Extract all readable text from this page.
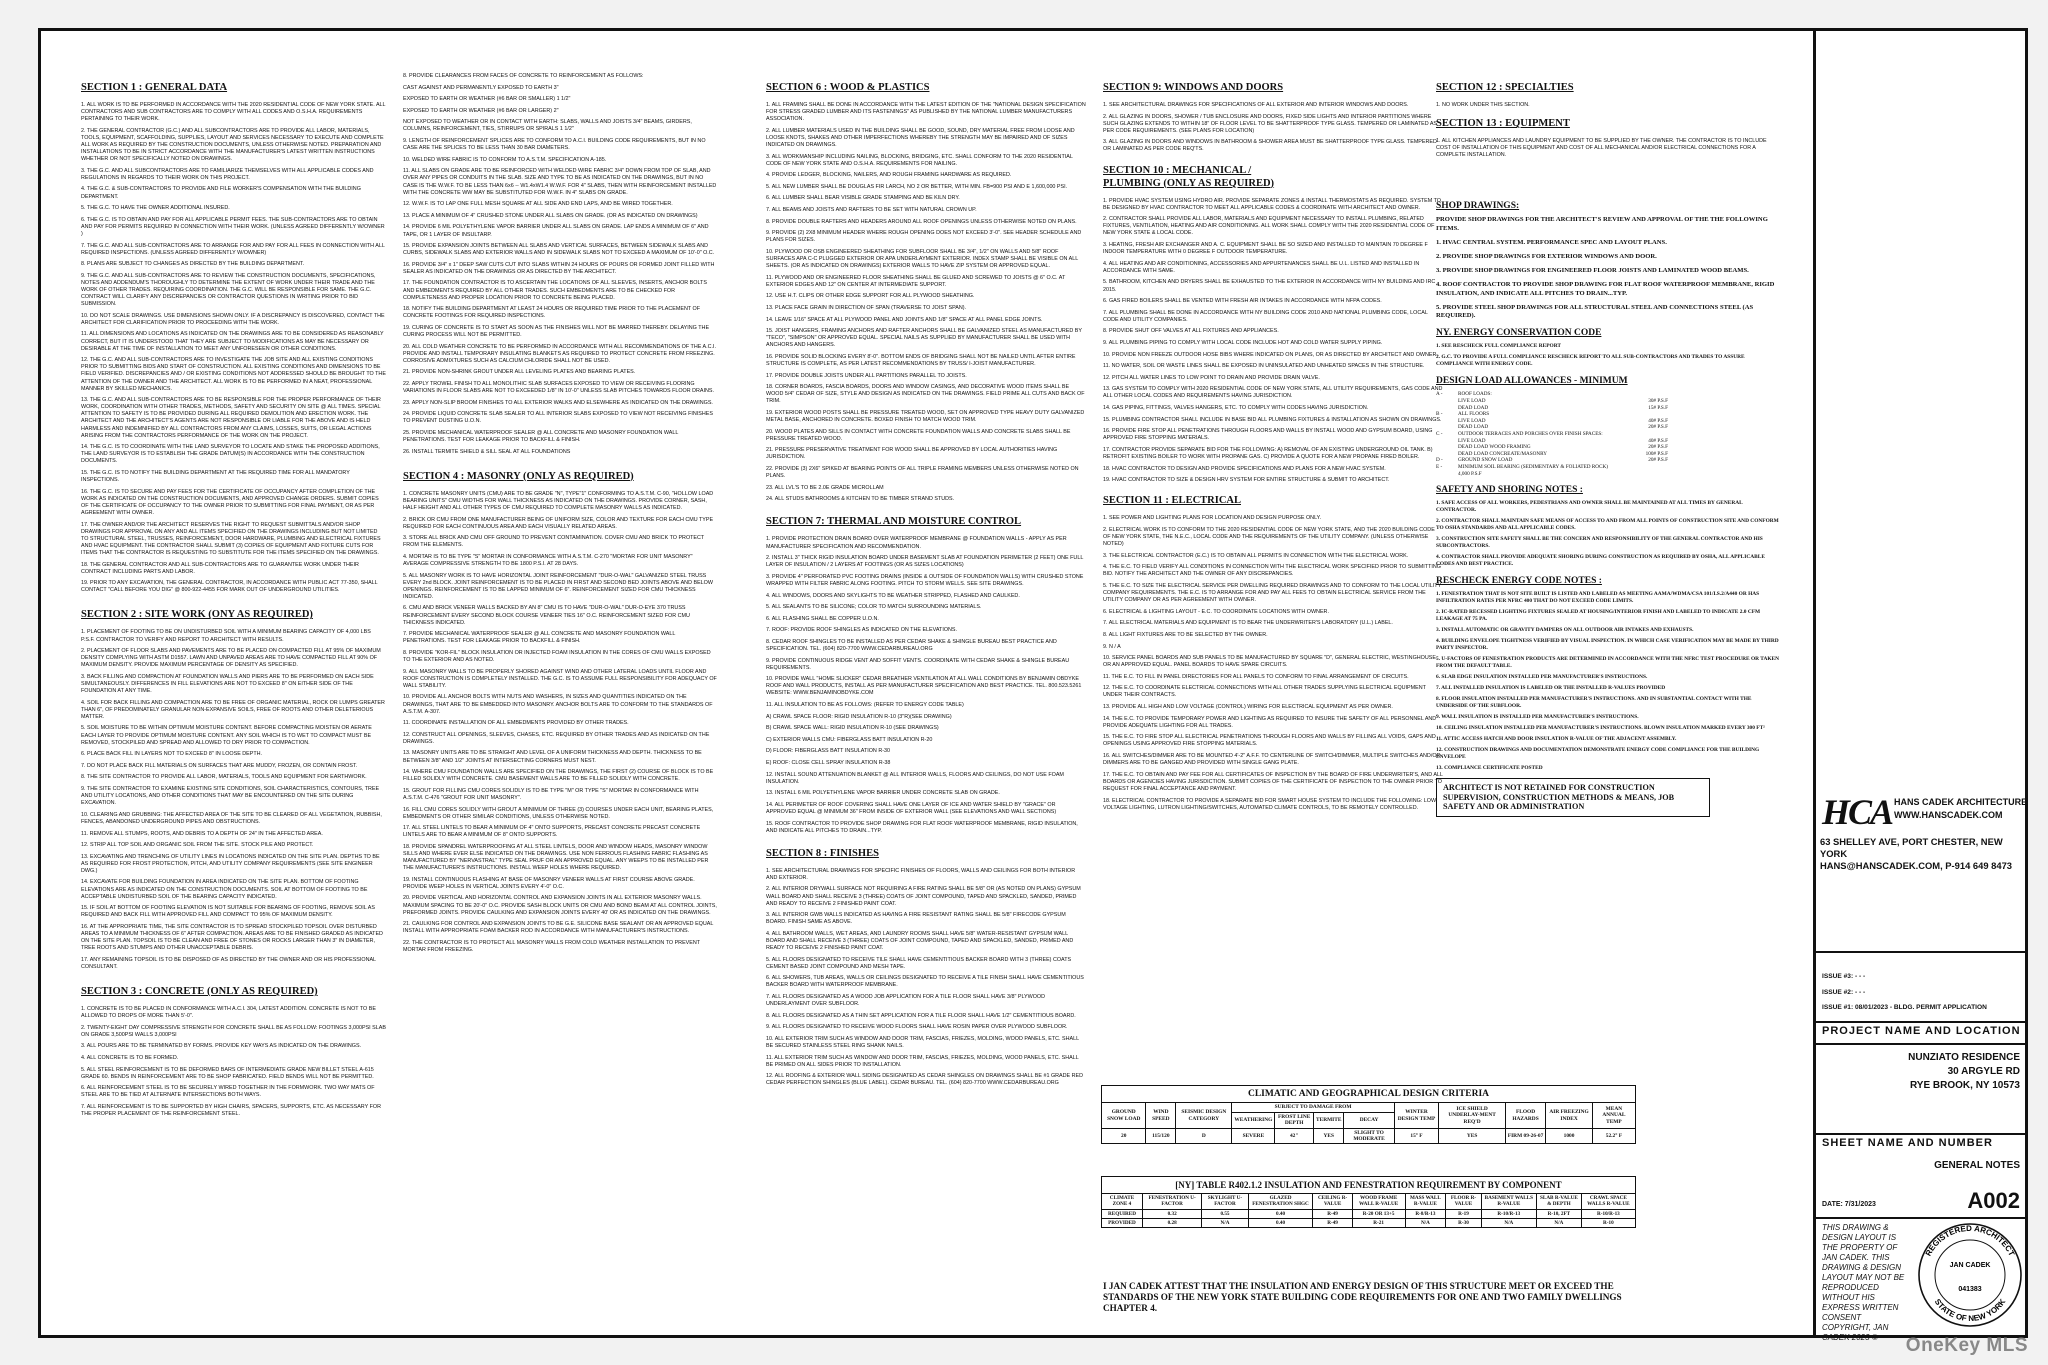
SECTION 1 : GENERAL DATA
1. ALL WORK IS TO BE PERFORMED IN ACCORDANCE WITH THE 2020 RESIDENTIAL CODE OF NEW YORK STATE. ALL CONTRACTORS AND SUB CONTRACTORS ARE TO COMPLY WITH ALL CODES AND O.S.H.A. REQUIREMENTS PERTAINING TO THEIR WORK.
2. THE GENERAL CONTRACTOR (G.C.) AND ALL SUBCONTRACTORS ARE TO PROVIDE ALL LABOR, MATERIALS, TOOLS, EQUIPMENT, SCAFFOLDING, SUPPLIES, LAYOUT AND SERVICES NECESSARY TO EXECUTE AND COMPLETE ALL WORK AS REQUIRED BY THE CONSTRUCTION DOCUMENTS, UNLESS OTHERWISE NOTED. PREPARATION AND INSTALLATIONS TO BE IN STRICT ACCORDANCE WITH THE MANUFACTURER'S LATEST WRITTEN INSTRUCTIONS WHETHER OR NOT SPECIFICALLY NOTED ON DRAWINGS.
3. THE G.C. AND ALL SUBCONTRACTORS ARE TO FAMILIARIZE THEMSELVES WITH ALL APPLICABLE CODES AND REGULATIONS IN REGARDS TO THEIR WORK ON THIS PROJECT.
4. THE G.C. & SUB-CONTRACTORS TO PROVIDE AND FILE WORKER'S COMPENSATION WITH THE BUILDING DEPARTMENT.
5. THE G.C. TO HAVE THE OWNER ADDITIONAL INSURED.
6. THE G.C. IS TO OBTAIN AND PAY FOR ALL APPLICABLE PERMIT FEES. THE SUB-CONTRACTORS ARE TO OBTAIN AND PAY FOR PERMITS REQUIRED IN CONNECTION WITH THEIR WORK. (UNLESS AGREED DIFFERENTLY W/OWNER )
7. THE G.C. AND ALL SUB-CONTRACTORS ARE TO ARRANGE FOR AND PAY FOR ALL FEES IN CONNECTION WITH ALL REQUIRED INSPECTIONS. (UNLESS AGREED DIFFERENTLY W/OWNER)
8. PLANS ARE SUBJECT TO CHANGES AS DIRECTED BY THE BUILDING DEPARTMENT.
9. THE G.C. AND ALL SUB-CONTRACTORS ARE TO REVIEW THE CONSTRUCTION DOCUMENTS, SPECIFICATIONS, NOTES AND ADDENDUM'S THOROUGHLY TO DETERMINE THE EXTENT OF WORK UNDER THEIR TRADE AND THE WORK OF OTHER TRADES. REQUIRING COORDINATION. THE G.C. WILL BE RESPONSIBLE FOR SAME. THE G.C. CONTRACT WILL CLARIFY ANY DISCREPANCIES OR CONTRACTOR QUESTIONS IN WRITING PRIOR TO BID SUBMISSION.
10. DO NOT SCALE DRAWINGS. USE DIMENSIONS SHOWN ONLY. IF A DISCREPANCY IS DISCOVERED, CONTACT THE ARCHITECT FOR CLARIFICATION PRIOR TO PROCEEDING WITH THE WORK.
11. ALL DIMENSIONS AND LOCATIONS AS INDICATED ON THE DRAWINGS ARE TO BE CONSIDERED AS REASONABLY CORRECT, BUT IT IS UNDERSTOOD THAT THEY ARE SUBJECT TO MODIFICATIONS AS MAY BE NECESSARY OR DESIRABLE AT THE TIME OF INSTALLATION TO MEET ANY UNFORESEEN OR OTHER CONDITIONS.
12. THE G.C. AND ALL SUB-CONTRACTORS ARE TO INVESTIGATE THE JOB SITE AND ALL EXISTING CONDITIONS PRIOR TO SUBMITTING BIDS AND START OF CONSTRUCTION. ALL EXISTING CONDITIONS AND DIMENSIONS TO BE FIELD VERIFIED. DISCREPANCIES AND / OR EXISTING CONDITIONS NOT ADDRESSED SHOULD BE BROUGHT TO THE ATTENTION OF THE OWNER AND THE ARCHITECT. ALL WORK IS TO BE PERFORMED IN A NEAT, PROFESSIONAL MANNER BY SKILLED MECHANICS.
13. THE G.C. AND ALL SUB-CONTRACTORS ARE TO BE RESPONSIBLE FOR THE PROPER PERFORMANCE OF THEIR WORK, COORDINATION WITH OTHER TRADES, METHODS, SAFETY AND SECURITY ON SITE @ ALL TIMES. SPECIAL ATTENTION TO SAFETY IS TO BE PROVIDED DURING ALL REQUIRED DEMOLITION AND ERECTION WORK. THE ARCHITECT AND THE ARCHITECT'S AGENTS ARE NOT RESPONSIBLE OR LIABLE FOR THE ABOVE AND IS HELD HARMLESS AND INDEMNIFIED BY ALL CONTRACTORS FROM ANY CLAIMS, LOSSES, SUITS, OR LEGAL ACTIONS ARISING FROM THE CONTRACTORS PERFORMANCE OF THE WORK ON THE PROJECT.
14. THE G.C. IS TO COORDINATE WITH THE LAND SURVEYOR TO LOCATE AND STAKE THE PROPOSED ADDITIONS, THE LAND SURVEYOR IS TO ESTABLISH THE GRADE DATUM(S) IN ACCORDANCE WITH THE CONSTRUCTION DOCUMENTS.
15. THE G.C. IS TO NOTIFY THE BUILDING DEPARTMENT AT THE REQUIRED TIME FOR ALL MANDATORY INSPECTIONS.
16. THE G.C. IS TO SECURE AND PAY FEES FOR THE CERTIFICATE OF OCCUPANCY AFTER COMPLETION OF THE WORK AS INDICATED ON THE CONSTRUCTION DOCUMENTS, AND APPROVED CHANGE ORDERS. SUBMIT COPIES OF THE CERTIFICATE OF OCCUPANCY TO THE OWNER PRIOR TO SUBMITTING FOR FINAL PAYMENT, OR AS PER AGREEMENT WITH OWNER.
17. THE OWNER AND/OR THE ARCHITECT RESERVES THE RIGHT TO REQUEST SUBMITTALS AND/OR SHOP DRAWINGS FOR APPROVAL ON ANY AND ALL ITEMS SPECIFIED ON THE DRAWINGS INCLUDING BUT NOT LIMITED TO STRUCTURAL STEEL, TRUSSES, REINFORCEMENT, DOOR HARDWARE, PLUMBING AND ELECTRICAL FIXTURES AND HVAC EQUIPMENT. THE CONTRACTOR SHALL SUBMIT (3) COPIES OF EQUIPMENT AND FIXTURE CUTS FOR ITEMS THAT THE CONTRACTOR IS REQUESTING TO SUBSTITUTE FOR THE ITEMS SPECIFIED ON THE DRAWINGS.
18. THE GENERAL CONTRACTOR AND ALL SUB-CONTRACTORS ARE TO GUARANTEE WORK UNDER THEIR CONTRACT INCLUDING PARTS AND LABOR.
19. PRIOR TO ANY EXCAVATION, THE GENERAL CONTRACTOR, IN ACCORDANCE WITH PUBLIC ACT 77-350, SHALL CONTACT "CALL BEFORE YOU DIG" @ 800-922-4455 FOR MARK OUT OF UNDERGROUND UTILITIES.
SECTION 2 : SITE WORK (ONY AS REQUIRED)
1. PLACEMENT OF FOOTING TO BE ON UNDISTURBED SOIL WITH A MINIMUM BEARING CAPACITY OF 4,000 LBS P.S.F. CONTRACTOR TO VERIFY AND REPORT TO ARCHITECT WITH RESULTS.
2. PLACEMENT OF FLOOR SLABS AND PAVEMENTS ARE TO BE PLACED ON COMPACTED FILL AT 95% OF MAXIMUM DENSITY COMPLYING WITH ASTM D1557. LAWN AND UNPAVED AREAS ARE TO HAVE COMPACTED FILL AT 90% OF MAXIMUM DENSITY. PROVIDE MAXIMUM PERCENTAGE OF DENSITY AS SPECIFIED.
3. BACK FILLING AND COMPACTION AT FOUNDATION WALLS AND PIERS ARE TO BE PERFORMED ON EACH SIDE SIMULTANEOUSLY. DIFFERENCES IN FILL ELEVATIONS ARE NOT TO EXCEED 8" ON EITHER SIDE OF THE FOUNDATION AT ANY TIME.
4. SOIL FOR BACK FILLING AND COMPACTION ARE TO BE FREE OF ORGANIC MATERIAL, ROCK OR LUMPS GREATER THAN 6", OF PREDOMINATELY GRANULAR NON-EXPANSIVE SOILS, FREE OF ROOTS AND OTHER DELETERIOUS MATTER.
5. SOIL MOISTURE TO BE WITHIN OPTIMUM MOISTURE CONTENT. BEFORE COMPACTING MOISTEN OR AERATE EACH LAYER TO PROVIDE OPTIMUM MOISTURE CONTENT. ANY SOIL WHICH IS TO WET TO COMPACT MUST BE REMOVED, STOCKPILED AND SPREAD AND ALLOWED TO DRY PRIOR TO COMPACTION.
6. PLACE BACK FILL IN LAYERS NOT TO EXCEED 8" IN LOOSE DEPTH.
7. DO NOT PLACE BACK FILL MATERIALS ON SURFACES THAT ARE MUDDY, FROZEN, OR CONTAIN FROST.
8. THE SITE CONTRACTOR TO PROVIDE ALL LABOR, MATERIALS, TOOLS AND EQUIPMENT FOR EARTHWORK.
9. THE SITE CONTRACTOR TO EXAMINE EXISTING SITE CONDITIONS, SOIL CHARACTERISTICS, CONTOURS, TREE AND UTILITY LOCATIONS, AND OTHER CONDITIONS THAT MAY BE ENCOUNTERED ON THE SITE DURING EXCAVATION.
10. CLEARING AND GRUBBING: THE AFFECTED AREA OF THE SITE TO BE CLEARED OF ALL VEGETATION, RUBBISH, FENCES, ABANDONED UNDERGROUND PIPES AND OBSTRUCTIONS.
11. REMOVE ALL STUMPS, ROOTS, AND DEBRIS TO A DEPTH OF 24" IN THE AFFECTED AREA.
12. STRIP ALL TOP SOIL AND ORGANIC SOIL FROM THE SITE. STOCK PILE AND PROTECT.
13. EXCAVATING AND TRENCHING OF UTILITY LINES IN LOCATIONS INDICATED ON THE SITE PLAN. DEPTHS TO BE AS REQUIRED FOR FROST PROTECTION, PITCH, AND UTILITY COMPANY REQUIREMENTS (SEE SITE ENGINEER DWG.)
14. EXCAVATE FOR BUILDING FOUNDATION IN AREA INDICATED ON THE SITE PLAN. BOTTOM OF FOOTING ELEVATIONS ARE AS INDICATED ON THE CONSTRUCTION DOCUMENTS. SOIL AT BOTTOM OF FOOTING TO BE ACCEPTABLE UNDISTURBED SOIL OF THE BEARING CAPACITY INDICATED.
15. IF SOIL AT BOTTOM OF FOOTING ELEVATION IS NOT SUITABLE FOR BEARING OF FOOTING, REMOVE SOIL AS REQUIRED AND BACK FILL WITH APPROVED FILL AND COMPACT TO 95% OF MAXIMUM DENSITY.
16. AT THE APPROPRIATE TIME, THE SITE CONTRACTOR IS TO SPREAD STOCKPILED TOPSOIL OVER DISTURBED AREAS TO A MINIMUM THICKNESS OF 6" AFTER COMPACTION. AREAS ARE TO BE FINISHED GRADED AS INDICATED ON THE SITE PLAN. TOPSOIL IS TO BE CLEAN AND FREE OF STONES OR ROCKS LARGER THAN 3" IN DIAMETER, TREE ROOTS AND STUMPS AND OTHER UNACCEPTABLE DEBRIS.
17. ANY REMAINING TOPSOIL IS TO BE DISPOSED OF AS DIRECTED BY THE OWNER AND OR HIS PROFESSIONAL CONSULTANT.
SECTION 3 : CONCRETE (ONLY AS REQUIRED)
1. CONCRETE IS TO BE PLACED IN CONFORMANCE WITH A.C.I. 304, LATEST ADDITION. CONCRETE IS NOT TO BE ALLOWED TO DROPS OF MORE THAN 5'-0".
2. TWENTY-EIGHT DAY COMPRESSIVE STRENGTH FOR CONCRETE SHALL BE AS FOLLOW: FOOTINGS 3,000PSI SLAB ON GRADE 3,500PSI WALLS 3,000PSI
3. ALL POURS ARE TO BE TERMINATED BY FORMS. PROVIDE KEY WAYS AS INDICATED ON THE DRAWINGS.
4. ALL CONCRETE IS TO BE FORMED.
5. ALL STEEL REINFORCEMENT IS TO BE DEFORMED BARS OF INTERMEDIATE GRADE NEW BILLET STEEL A-615 GRADE 60. BENDS IN REINFORCEMENT ARE TO BE SHOP FABRICATED. FIELD BENDS WILL NOT BE PERMITTED.
6. ALL REINFORCEMENT STEEL IS TO BE SECURELY WIRED TOGETHER IN THE FORMWORK. TWO WAY MATS OF STEEL ARE TO BE TIED AT ALTERNATE INTERSECTIONS BOTH WAYS.
7. ALL REINFORCEMENT IS TO BE SUPPORTED BY HIGH CHAIRS, SPACERS, SUPPORTS, ETC. AS NECESSARY FOR THE PROPER PLACEMENT OF THE REINFORCEMENT STEEL.
8. PROVIDE CLEARANCES FROM FACES OF CONCRETE TO REINFORCEMENT AS FOLLOWS:
CAST AGAINST AND PERMANENTLY EXPOSED TO EARTH 3"
EXPOSED TO EARTH OR WEATHER (#6 BAR OR SMALLER) 1 1/2"
EXPOSED TO EARTH OR WEATHER (#6 BAR OR LARGER) 2"
NOT EXPOSED TO WEATHER OR IN CONTACT WITH EARTH: SLABS, WALLS AND JOISTS 3/4" BEAMS, GIRDERS, COLUMNS, REINFORCEMENT, TIES, STIRRUPS OR SPIRALS 1 1/2"
9. LENGTH OF REINFORCEMENT SPLICES ARE TO CONFORM TO A.C.I. BUILDING CODE REQUIREMENTS, BUT IN NO CASE ARE THE SPLICES TO BE LESS THAN 30 BAR DIAMETERS.
10. WELDED WIRE FABRIC IS TO CONFORM TO A.S.T.M. SPECIFICATION A-185.
11. ALL SLABS ON GRADE ARE TO BE REINFORCED WITH WELDED WIRE FABRIC 3/4" DOWN FROM TOP OF SLAB, AND OVER ANY PIPES OR CONDUITS IN THE SLAB. SIZE AND TYPE TO BE AS INDICATED ON THE DRAWINGS, BUT IN NO CASE IS THE W.W.F. TO BE LESS THAN 6x6 -- W1.4xW1.4 W.W.F. FOR 4" SLABS, THEN WITH REINFORCEMENT INSTALLED WITH THE CONCRETE WW MAY BE SUBSTITUTED FOR W.W.F. IN 4" SLABS ON GRADE.
12. W.W.F. IS TO LAP ONE FULL MESH SQUARE AT ALL SIDE AND END LAPS, AND BE WIRED TOGETHER.
13. PLACE A MINIMUM OF 4" CRUSHED STONE UNDER ALL SLABS ON GRADE. (OR AS INDICATED ON DRAWINGS)
14. PROVIDE 6 MIL POLYETHYLENE VAPOR BARRIER UNDER ALL SLABS ON GRADE. LAP ENDS A MINIMUM OF 6" AND TAPE, OR 1 LAYER OF INSULTARP.
15. PROVIDE EXPANSION JOINTS BETWEEN ALL SLABS AND VERTICAL SURFACES, BETWEEN SIDEWALK SLABS AND CURBS, SIDEWALK SLABS AND EXTERIOR WALLS AND IN SIDEWALK SLABS NOT TO EXCEED A MAXIMUM OF 10'-0" O.C.
16. PROVIDE 3/4" x 1" DEEP SAW CUTS CUT INTO SLABS WITHIN 24 HOURS OF POURS OR FORMED JOINT FILLED WITH SEALER AS INDICATED ON THE DRAWINGS OR AS DIRECTED BY THE ARCHITECT.
17. THE FOUNDATION CONTRACTOR IS TO ASCERTAIN THE LOCATIONS OF ALL SLEEVES, INSERTS, ANCHOR BOLTS AND EMBEDMENTS REQUIRED BY ALL OTHER TRADES. SUCH EMBEDMENTS ARE TO BE CHECKED FOR COMPLETENESS AND PROPER LOCATION PRIOR TO CONCRETE BEING PLACED.
18. NOTIFY THE BUILDING DEPARTMENT AT LEAST 24 HOURS OR REQUIRED TIME PRIOR TO THE PLACEMENT OF CONCRETE FOOTINGS FOR REQUIRED INSPECTIONS.
19. CURING OF CONCRETE IS TO START AS SOON AS THE FINISHES WILL NOT BE MARRED THEREBY. DELAYING THE CURING PROCESS WILL NOT BE PERMITTED.
20. ALL COLD WEATHER CONCRETE TO BE PERFORMED IN ACCORDANCE WITH ALL RECOMMENDATIONS OF THE A.C.I. PROVIDE AND INSTALL TEMPORARY INSULATING BLANKETS AS REQUIRED TO PROTECT CONCRETE FROM FREEZING. CORROSIVE ADMIXTURES SUCH AS CALCIUM CHLORIDE SHALL NOT BE USED.
21. PROVIDE NON-SHRINK GROUT UNDER ALL LEVELING PLATES AND BEARING PLATES.
22. APPLY TROWEL FINISH TO ALL MONOLITHIC SLAB SURFACES EXPOSED TO VIEW OR RECEIVING FLOORING VARIATIONS IN FLOOR SLABS ARE NOT TO EXCEEDED 1/8" IN 10'-0" UNLESS SLAB PITCHES TOWARDS FLOOR DRAINS.
23. APPLY NON-SLIP BROOM FINISHES TO ALL EXTERIOR WALKS AND ELSEWHERE AS INDICATED ON THE DRAWINGS.
24. PROVIDE LIQUID CONCRETE SLAB SEALER TO ALL INTERIOR SLABS EXPOSED TO VIEW NOT RECEIVING FINISHES TO PREVENT DUSTING U.O.N.
25. PROVIDE MECHANICAL WATERPROOF SEALER @ ALL CONCRETE AND MASONRY FOUNDATION WALL PENETRATIONS. TEST FOR LEAKAGE PRIOR TO BACKFILL & FINISH.
26. INSTALL TERMITE SHIELD & SILL SEAL AT ALL FOUNDATIONS
SECTION 4 : MASONRY (ONLY AS REQUIRED)
1. CONCRETE MASONRY UNITS (CMU) ARE TO BE GRADE "N", TYPE"1" CONFORMING TO A.S.T.M. C-90, "HOLLOW LOAD BEARING UNITS" CMU WIDTHS FOR WALL THICKNESS AS INDICATED ON THE DRAWINGS. PROVIDE CORNER, SASH, HALF HEIGHT AND ALL OTHER TYPES OF CMU REQUIRED TO COMPLETE MASONRY WALLS AS INDICATED.
2. BRICK OR CMU FROM ONE MANUFACTURER BEING OF UNIFORM SIZE, COLOR AND TEXTURE FOR EACH CMU TYPE REQUIRED FOR EACH CONTINUOUS AREA AND EACH VISUALLY RELATED AREAS.
3. STORE ALL BRICK AND CMU OFF GROUND TO PREVENT CONTAMINATION. COVER CMU AND BRICK TO PROTECT FROM THE ELEMENTS.
4. MORTAR IS TO BE TYPE "S" MORTAR IN CONFORMANCE WITH A.S.T.M. C-270 "MORTAR FOR UNIT MASONRY" AVERAGE COMPRESSIVE STRENGTH TO BE 1800 P.S.I. AT 28 DAYS.
5. ALL MASONRY WORK IS TO HAVE HORIZONTAL JOINT REINFORCEMENT "DUR-O-WAL" GALVANIZED STEEL TRUSS EVERY 2nd BLOCK. JOINT REINFORCEMENT IS TO BE PLACED IN FIRST AND SECOND BED JOINTS ABOVE AND BELOW OPENINGS. REINFORCEMENT IS TO BE LAPPED MINIMUM OF 6". REINFORCEMENT SIZED FOR CMU THICKNESS INDICATED.
6. CMU AND BRICK VENEER WALLS BACKED BY AN 8" CMU IS TO HAVE "DUR-O-WAL" DUR-O-EYE 370 TRUSS REINFORCEMENT EVERY SECOND BLOCK COURSE VENEER TIES 16" O.C. REINFORCEMENT SIZED FOR CMU THICKNESS INDICATED.
7. PROVIDE MECHANICAL WATERPROOF SEALER @ ALL CONCRETE AND MASONRY FOUNDATION WALL PENETRATIONS. TEST FOR LEAKAGE PRIOR TO BACKFILL & FINISH.
8. PROVIDE "KOR-FIL" BLOCK INSULATION OR INJECTED FOAM INSULATION IN THE CORES OF CMU WALLS EXPOSED TO THE EXTERIOR AND AS NOTED.
9. ALL MASONRY WALLS TO BE PROPERLY SHORED AGAINST WIND AND OTHER LATERAL LOADS UNTIL FLOOR AND ROOF CONSTRUCTION IS COMPLETELY INSTALLED. THE G.C. IS TO ASSUME FULL RESPONSIBILITY FOR ADEQUACY OF WALL STABILITY.
10. PROVIDE ALL ANCHOR BOLTS WITH NUTS AND WASHERS, IN SIZES AND QUANTITIES INDICATED ON THE DRAWINGS, THAT ARE TO BE EMBEDDED INTO MASONRY. ANCHOR BOLTS ARE TO CONFORM TO THE STANDARDS OF A.S.T.M. A-307.
11. COORDINATE INSTALLATION OF ALL EMBEDMENTS PROVIDED BY OTHER TRADES.
12. CONSTRUCT ALL OPENINGS, SLEEVES, CHASES, ETC. REQUIRED BY OTHER TRADES AND AS INDICATED ON THE DRAWINGS.
13. MASONRY UNITS ARE TO BE STRAIGHT AND LEVEL OF A UNIFORM THICKNESS AND DEPTH. THICKNESS TO BE BETWEEN 3/8" AND 1/2" JOINTS AT INTERSECTING CORNERS MUST NEST.
14. WHERE CMU FOUNDATION WALLS ARE SPECIFIED ON THE DRAWINGS, THE FIRST (2) COURSE OF BLOCK IS TO BE FILLED SOLIDLY WITH CONCRETE. CMU BASEMENT WALLS ARE TO BE FILLED SOLIDLY WITH CONCRETE.
15. GROUT FOR FILLING CMU CORES SOLIDLY IS TO BE TYPE "M" OR TYPE "S" MORTAR IN CONFORMANCE WITH A.S.T.M. C-476 "GROUT FOR UNIT MASONRY".
16. FILL CMU CORES SOLIDLY WITH GROUT A MINIMUM OF THREE (3) COURSES UNDER EACH UNIT, BEARING PLATES, EMBEDMENTS OR OTHER SIMILAR CONDITIONS, UNLESS OTHERWISE NOTED.
17. ALL STEEL LINTELS TO BEAR A MINIMUM OF 4" ONTO SUPPORTS, PRECAST CONCRETE PRECAST CONCRETE LINTELS ARE TO BEAR A MINIMUM OF 8" ONTO SUPPORTS.
18. PROVIDE SPANDREL WATERPROOFING AT ALL STEEL LINTELS, DOOR AND WINDOW HEADS, MASONRY WINDOW SILLS AND WHERE EVER ELSE INDICATED ON THE DRAWINGS. USE NON FERROUS FLASHING FABRIC FLASHING AS MANUFACTURED BY "NERVASTRAL" TYPE SEAL PRUF OR AN APPROVED EQUAL. ANY WEEPS TO BE INSTALLED PER THE MANUFACTURER'S INSTRUCTIONS. INSTALL WEEP HOLES WHERE REQUIRED.
19. INSTALL CONTINUOUS FLASHING AT BASE OF MASONRY VENEER WALLS AT FIRST COURSE ABOVE GRADE. PROVIDE WEEP HOLES IN VERTICAL JOINTS EVERY 4'-0" O.C.
20. PROVIDE VERTICAL AND HORIZONTAL CONTROL AND EXPANSION JOINTS IN ALL EXTERIOR MASONRY WALLS. MAXIMUM SPACING TO BE 20'-0" O.C. PROVIDE SASH BLOCK UNITS OR CMU AND BOND BEAM AT ALL CONTROL JOINTS, PREFORMED JOINTS. PROVIDE CAULKING AND EXPANSION JOINTS EVERY 40' OR AS INDICATED ON THE DRAWINGS.
21. CAULKING FOR CONTROL AND EXPANSION JOINTS TO BE G.E. SILICONE BASE SEALANT OR AN APPROVED EQUAL INSTALL WITH APPROPRIATE FOAM BACKER ROD IN ACCORDANCE WITH MANUFACTURER'S INSTRUCTIONS.
22. THE CONTRACTOR IS TO PROTECT ALL MASONRY WALLS FROM COLD WEATHER INSTALLATION TO PREVENT MORTAR FROM FREEZING.
SECTION 6 : WOOD & PLASTICS
1. ALL FRAMING SHALL BE DONE IN ACCORDANCE WITH THE LATEST EDITION OF THE "NATIONAL DESIGN SPECIFICATION FOR STRESS GRADED LUMBER AND ITS FASTENINGS" AS PUBLISHED BY THE NATIONAL LUMBER MANUFACTURERS ASSOCIATION.
2. ALL LUMBER MATERIALS USED IN THE BUILDING SHALL BE GOOD, SOUND, DRY MATERIAL FREE FROM LOOSE AND LOOSE KNOTS, SHAKES AND OTHER IMPERFECTIONS WHEREBY THE STRENGTH MAY BE IMPAIRED AND OF SIZES INDICATED ON DRAWINGS.
3. ALL WORKMANSHIP INCLUDING NAILING, BLOCKING, BRIDGING, ETC. SHALL CONFORM TO THE 2020 RESIDENTIAL CODE OF NEW YORK STATE AND O.S.H.A. REQUIREMENTS FOR NAILING.
4. PROVIDE LEDGER, BLOCKING, NAILERS, AND ROUGH FRAMING HARDWARE AS REQUIRED.
5. ALL NEW LUMBER SHALL BE DOUGLAS FIR LARCH, NO 2 OR BETTER, WITH MIN. FB=900 PSI AND E 1,600,000 PSI.
6. ALL LUMBER SHALL BEAR VISIBLE GRADE STAMPING AND BE KILN DRY.
7. ALL BEAMS AND JOISTS AND RAFTERS TO BE SET WITH NATURAL CROWN UP.
8. PROVIDE DOUBLE RAFTERS AND HEADERS AROUND ALL ROOF OPENINGS UNLESS OTHERWISE NOTED ON PLANS.
9. PROVIDE (2) 2X8 MINIMUM HEADER WHERE ROUGH OPENING DOES NOT EXCEED 3'-0". SEE HEADER SCHEDULE AND PLANS FOR SIZES.
10. PLYWOOD OR OSB ENGINEERED SHEATHING FOR SUBFLOOR SHALL BE 3/4", 1/2" ON WALLS AND 5/8" ROOF SURFACES APA C-C PLUGGED EXTERIOR OR APA UNDERLAYMENT EXTERIOR. INDEX STAMP SHALL BE VISIBLE ON ALL SHEETS. (OR AS INDICATED ON DRAWINGS) EXTERIOR WALLS TO HAVE ZIP SYSTEM OR APPROVED EQUAL.
11. PLYWOOD AND OR ENGINEERED FLOOR SHEATHING SHALL BE GLUED AND SCREWED TO JOISTS @ 6" O.C. AT EXTERIOR EDGES AND 12" ON CENTER AT INTERMEDIATE SUPPORT.
12. USE H.T. CLIPS OR OTHER EDGE SUPPORT FOR ALL PLYWOOD SHEATHING.
13. PLACE FACE GRAIN IN DIRECTION OF SPAN (TRAVERSE TO JOIST SPAN).
14. LEAVE 1/16" SPACE AT ALL PLYWOOD PANEL AND JOINTS AND 1/8" SPACE AT ALL PANEL EDGE JOINTS.
15. JOIST HANGERS, FRAMING ANCHORS AND RAFTER ANCHORS SHALL BE GALVANIZED STEEL AS MANUFACTURED BY "TECO", "SIMPSON" OR APPROVED EQUAL. SPECIAL NAILS AS SUPPLIED BY MANUFACTURER SHALL BE USED WITH ANCHORS AND HANGERS.
16. PROVIDE SOLID BLOCKING EVERY 8'-0". BOTTOM ENDS OF BRIDGING SHALL NOT BE NAILED UNTIL AFTER ENTIRE STRUCTURE IS COMPLETE, AS PER LATEST RECOMMENDATIONS BY TRUSS/ I-JOIST MANUFACTURER.
17. PROVIDE DOUBLE JOISTS UNDER ALL PARTITIONS PARALLEL TO JOISTS.
18. CORNER BOARDS, FASCIA BOARDS, DOORS AND WINDOW CASINGS, AND DECORATIVE WOOD ITEMS SHALL BE WOOD 5/4" CEDAR OF SIZE, STYLE AND DESIGN AS INDICATED ON THE DRAWINGS. FIELD PRIME ALL CUTS AND BACK OF TRIM.
19. EXTERIOR WOOD POSTS SHALL BE PRESSURE TREATED WOOD, SET ON APPROVED TYPE HEAVY DUTY GALVANIZED METAL BASE, ANCHORED IN CONCRETE. BOXED FINISH TO MATCH WOOD TRIM.
20. WOOD PLATES AND SILLS IN CONTACT WITH CONCRETE FOUNDATION WALLS AND CONCRETE SLABS SHALL BE PRESSURE TREATED WOOD.
21. PRESSURE PRESERVATIVE TREATMENT FOR WOOD SHALL BE APPROVED BY LOCAL AUTHORITIES HAVING JURISDICTION.
22. PROVIDE (3) 2X6" SPIKED AT BEARING POINTS OF ALL TRIPLE FRAMING MEMBERS UNLESS OTHERWISE NOTED ON PLANS.
23. ALL LVL'S TO BE 2.0E GRADE MICROLLAM
24. ALL STUDS BATHROOMS & KITCHEN TO BE TIMBER STRAND STUDS.
SECTION 7: THERMAL AND MOISTURE CONTROL
1. PROVIDE PROTECTION DRAIN BOARD OVER WATERPROOF MEMBRANE @ FOUNDATION WALLS - APPLY AS PER MANUFACTURER SPECIFICATION AND RECOMMENDATION.
2. INSTALL 3" THICK RIGID INSULATION BOARD UNDER BASEMENT SLAB AT FOUNDATION PERIMETER (2 FEET) ONE FULL LAYER OF INSULATION / 2 LAYERS AT FOOTINGS (OR AS SIZES LOCATIONS)
3. PROVIDE 4" PERFORATED PVC FOOTING DRAINS (INSIDE & OUTSIDE OF FOUNDATION WALLS) WITH CRUSHED STONE WRAPPED WITH FILTER FABRIC ALONG FOOTING. PITCH TO STORM WELLS. SEE SITE DRAWINGS.
4. ALL WINDOWS, DOORS AND SKYLIGHTS TO BE WEATHER STRIPPED, FLASHED AND CAULKED.
5. ALL SEALANTS TO BE SILICONE; COLOR TO MATCH SURROUNDING MATERIALS.
6. ALL FLASHING SHALL BE COPPER U.O.N.
7. ROOF: PROVIDE ROOF SHINGLES AS INDICATED ON THE ELEVATIONS.
8. CEDAR ROOF SHINGLES TO BE INSTALLED AS PER CEDAR SHAKE & SHINGLE BUREAU BEST PRACTICE AND SPECIFICATION. TEL. (604) 820-7700 WWW.CEDARBUREAU.ORG
9. PROVIDE CONTINUOUS RIDGE VENT AND SOFFIT VENTS. COORDINATE WITH CEDAR SHAKE & SHINGLE BUREAU REQUIREMENTS.
10. PROVIDE WALL "HOME SLICKER" CEDAR BREATHER VENTILATION AT ALL WALL CONDITIONS BY BENJAMIN OBDYKE ROOF AND WALL PRODUCTS, INSTALL AS PER MANUFACTURER SPECIFICATION AND BEST PRACTICE. TEL. 800.523.5261 WEBSITE: WWW.BENJAMINOBDYKE.COM
11. ALL INSULATION TO BE AS FOLLOWS: (REFER TO ENERGY CODE TABLE)
A) CRAWL SPACE FLOOR: RIGID INSULATION R-10 (3"R)(SEE DRAWING)
B) CRAWL SPACE WALL: RIGID INSULATION R-10 (SEE DRAWINGS)
C) EXTERIOR WALLS CMU: FIBERGLASS BATT INSULATION R-20
D) FLOOR: FIBERGLASS BATT INSULATION R-30
E) ROOF: CLOSE CELL SPRAY INSULATION R-38
12. INSTALL SOUND ATTENUATION BLANKET @ ALL INTERIOR WALLS, FLOORS AND CEILINGS, DO NOT USE FOAM INSULATION.
13. INSTALL 6 MIL POLYETHYLENE VAPOR BARRIER UNDER CONCRETE SLAB ON GRADE.
14. ALL PERIMETER OF ROOF COVERING SHALL HAVE ONE LAYER OF ICE AND WATER SHIELD BY "GRACE" OR APPROVED EQUAL @ MINIMUM 36" FROM INSIDE OF EXTERIOR WALL (SEE ELEVATIONS AND WALL SECTIONS)
15. ROOF CONTRACTOR TO PROVIDE SHOP DRAWING FOR FLAT ROOF WATERPROOF MEMBRANE, RIGID INSULATION, AND INDICATE ALL PITCHES TO DRAIN...TYP.
SECTION 8 : FINISHES
1. SEE ARCHITECTURAL DRAWINGS FOR SPECIFIC FINISHES OF FLOORS, WALLS AND CEILINGS FOR BOTH INTERIOR AND EXTERIOR.
2. ALL INTERIOR DRYWALL SURFACE NOT REQUIRING A FIRE RATING SHALL BE 5/8" OR (AS NOTED ON PLANS) GYPSUM WALL BOARD AND SHALL RECEIVE 3 (THREE) COATS OF JOINT COMPOUND, TAPED AND SPACKLED, SANDED, PRIMED AND READY TO RECEIVE 2 FINISHED PAINT COAT.
3. ALL INTERIOR GWB WALLS INDICATED AS HAVING A FIRE RESISTANT RATING SHALL BE 5/8" FIRECODE GYPSUM BOARD. FINISH SAME AS ABOVE.
4. ALL BATHROOM WALLS, WET AREAS, AND LAUNDRY ROOMS SHALL HAVE 5/8" WATER-RESISTANT GYPSUM WALL BOARD AND SHALL RECEIVE 3 (THREE) COATS OF JOINT COMPOUND, TAPED AND SPACKLED, SANDED, PRIMED AND READY TO RECEIVE 2 FINISHED PAINT COAT.
5. ALL FLOORS DESIGNATED TO RECEIVE TILE SHALL HAVE CEMENTITIOUS BACKER BOARD WITH 3 (THREE) COATS CEMENT BASED JOINT COMPOUND AND MESH TAPE.
6. ALL SHOWERS, TUB AREAS, WALLS OR CEILINGS DESIGNATED TO RECEIVE A TILE FINISH SHALL HAVE CEMENTITIOUS BACKER BOARD WITH WATERPROOF MEMBRANE.
7. ALL FLOORS DESIGNATED AS A WOOD JOB APPLICATION FOR A TILE FLOOR SHALL HAVE 3/8" PLYWOOD UNDERLAYMENT OVER SUBFLOOR.
8. ALL FLOORS DESIGNATED AS A THIN SET APPLICATION FOR A TILE FLOOR SHALL HAVE 1/2" CEMENTITIOUS BOARD.
9. ALL FLOORS DESIGNATED TO RECEIVE WOOD FLOORS SHALL HAVE ROSIN PAPER OVER PLYWOOD SUBFLOOR.
10. ALL EXTERIOR TRIM SUCH AS WINDOW AND DOOR TRIM, FASCIAS, FRIEZES, MOLDING, WOOD PANELS, ETC. SHALL BE SECURED STAINLESS STEEL RING SHANK NAILS.
11. ALL EXTERIOR TRIM SUCH AS WINDOW AND DOOR TRIM, FASCIAS, FRIEZES, MOLDING, WOOD PANELS, ETC. SHALL BE PRIMED ON ALL SIDES PRIOR TO INSTALLATION.
12. ALL ROOFING & EXTERIOR WALL SIDING DESIGNATED AS CEDAR SHINGLES ON DRAWINGS SHALL BE #1 GRADE RED CEDAR PERFECTION SHINGLES (BLUE LABEL). CEDAR BUREAU. TEL. (604) 820-7700 WWW.CEDARBUREAU.ORG
SECTION 9: WINDOWS AND DOORS
1. SEE ARCHITECTURAL DRAWINGS FOR SPECIFICATIONS OF ALL EXTERIOR AND INTERIOR WINDOWS AND DOORS.
2. ALL GLAZING IN DOORS, SHOWER / TUB ENCLOSURE AND DOORS, FIXED SIDE LIGHTS AND INTERIOR PARTITIONS WHERE SUCH GLAZING EXTENDS TO WITHIN 18" OF FLOOR LEVEL TO BE SHATTERPROOF TYPE GLASS. TEMPERED OR LAMINATED AS PER CODE REQUIREMENTS. (SEE PLANS FOR LOCATION)
3. ALL GLAZING IN DOORS AND WINDOWS IN BATHROOM & SHOWER AREA MUST BE SHATTERPROOF TYPE GLASS. TEMPERED OR LAMINATED AS PER CODE REQ'TS.
SECTION 10 : MECHANICAL / PLUMBING (ONLY AS REQUIRED)
1. PROVIDE HVAC SYSTEM USING HYDRO AIR. PROVIDE SEPARATE ZONES & INSTALL THERMOSTATS AS REQUIRED. SYSTEM TO BE DESIGNED BY HVAC CONTRACTOR TO MEET ALL APPLICABLE CODES & COORDINATE WITH ARCHITECT AND OWNER.
2. CONTRACTOR SHALL PROVIDE ALL LABOR, MATERIALS AND EQUIPMENT NECESSARY TO INSTALL PLUMBING, RELATED FIXTURES, VENTILATION, HEATING AND AIR CONDITIONING. ALL WORK SHALL COMPLY WITH THE 2020 RESIDENTIAL CODE OF NEW YORK STATE & LOCAL CODE.
3. HEATING, FRESH AIR EXCHANGER AND A. C. EQUIPMENT SHALL BE SO SIZED AND INSTALLED TO MAINTAIN 70 DEGREE F INDOOR TEMPERATURE WITH 0 DEGREE F OUTDOOR TEMPERATURE.
4. ALL HEATING AND AIR CONDITIONING, ACCESSORIES AND APPURTENANCES SHALL BE U.L. LISTED AND INSTALLED IN ACCORDANCE WITH SAME.
5. BATHROOM, KITCHEN AND DRYERS SHALL BE EXHAUSTED TO THE EXTERIOR IN ACCORDANCE WITH NY BUILDING AND IRC 2015.
6. GAS FIRED BOILERS SHALL BE VENTED WITH FRESH AIR INTAKES IN ACCORDANCE WITH NFPA CODES.
7. ALL PLUMBING SHALL BE DONE IN ACCORDANCE WITH NY BUILDING CODE 2010 AND NATIONAL PLUMBING CODE, LOCAL CODE AND UTILITY COMPANIES.
8. PROVIDE SHUT OFF VALVES AT ALL FIXTURES AND APPLIANCES.
9. ALL PLUMBING PIPING TO COMPLY WITH LOCAL CODE INCLUDE HOT AND COLD WATER SUPPLY PIPING.
10. PROVIDE NON FREEZE OUTDOOR HOSE BIBS WHERE INDICATED ON PLANS, OR AS DIRECTED BY ARCHITECT AND OWNER.
11. NO WATER, SOIL OR WASTE LINES SHALL BE EXPOSED IN UNINSULATED AND UNHEATED SPACES IN THE STRUCTURE.
12. PITCH ALL WATER LINES TO LOW POINT TO DRAIN AND PROVIDE DRAIN VALVE.
13. GAS SYSTEM TO COMPLY WITH 2020 RESIDENTIAL CODE OF NEW YORK STATE, ALL UTILITY REQUIREMENTS, GAS CODE AND ALL OTHER LOCAL CODES AND REQUIREMENTS HAVING JURISDICTION.
14. GAS PIPING, FITTINGS, VALVES HANGERS, ETC. TO COMPLY WITH CODES HAVING JURISDICTION.
15. PLUMBING CONTRACTOR SHALL INCLUDE IN BASE BID ALL PLUMBING FIXTURES & INSTALLATION AS SHOWN ON DRAWINGS.
16. PROVIDE FIRE STOP ALL PENETRATIONS THROUGH FLOORS AND WALLS BY INSTALL WOOD AND GYPSUM BOARD, USING APPROVED FIRE STOPPING MATERIALS.
17. CONTRACTOR PROVIDE SEPARATE BID FOR THE FOLLOWING: A) REMOVAL OF AN EXISTING UNDERGROUND OIL TANK. B) RETROFIT EXISTING BOILER TO WORK WITH PROPANE GAS. C) PROVIDE A QUOTE FOR A NEW PROPANE FIRED BOILER.
18. HVAC CONTRACTOR TO DESIGN AND PROVIDE SPECIFICATIONS AND PLANS FOR A NEW HVAC SYSTEM.
19. HVAC CONTRACTOR TO SIZE & DESIGN HRV SYSTEM FOR ENTIRE STRUCTURE & SUBMIT TO ARCHITECT.
SECTION 11 : ELECTRICAL
1. SEE POWER AND LIGHTING PLANS FOR LOCATION AND DESIGN PURPOSE ONLY.
2. ELECTRICAL WORK IS TO CONFORM TO THE 2020 RESIDENTIAL CODE OF NEW YORK STATE, AND THE 2020 BUILDING CODE OF NEW YORK STATE, THE N.E.C., LOCAL CODE AND THE REQUIREMENTS OF THE UTILITY COMPANY. (UNLESS OTHERWISE NOTED)
3. THE ELECTRICAL CONTRACTOR (E.C.) IS TO OBTAIN ALL PERMITS IN CONNECTION WITH THE ELECTRICAL WORK.
4. THE E.C. TO FIELD VERIFY ALL CONDITIONS IN CONNECTION WITH THE ELECTRICAL WORK SPECIFIED PRIOR TO SUBMITTING BID. NOTIFY THE ARCHITECT AND THE OWNER OF ANY DISCREPANCIES.
5. THE E.C. TO SIZE THE ELECTRICAL SERVICE PER DWELLING REQUIRED DRAWINGS AND TO CONFORM TO THE LOCAL UTILITY COMPANY REQUIREMENTS. THE E.C. IS TO ARRANGE FOR AND PAY ALL FEES TO OBTAIN ELECTRICAL SERVICE FROM THE UTILITY COMPANY OR AS PER AGREEMENT WITH OWNER.
6. ELECTRICAL & LIGHTING LAYOUT - E.C. TO COORDINATE LOCATIONS WITH OWNER.
7. ALL ELECTRICAL MATERIALS AND EQUIPMENT IS TO BEAR THE UNDERWRITER'S LABORATORY (U.L.) LABEL.
8. ALL LIGHT FIXTURES ARE TO BE SELECTED BY THE OWNER.
9. N / A
10. SERVICE PANEL BOARDS AND SUB PANELS TO BE MANUFACTURED BY SQUARE "D", GENERAL ELECTRIC, WESTINGHOUSE OR AN APPROVED EQUAL. PANEL BOARDS TO HAVE SPARE CIRCUITS.
11. THE E.C. TO FILL IN PANEL DIRECTORIES FOR ALL PANELS TO CONFORM TO FINAL ARRANGEMENT OF CIRCUITS.
12. THE E.C. TO COORDINATE ELECTRICAL CONNECTIONS WITH ALL OTHER TRADES SUPPLYING ELECTRICAL EQUIPMENT UNDER THEIR CONTRACTS.
13. PROVIDE ALL HIGH AND LOW VOLTAGE (CONTROL) WIRING FOR ELECTRICAL EQUIPMENT AS PER OWNER.
14. THE E.C. TO PROVIDE TEMPORARY POWER AND LIGHTING AS REQUIRED TO INSURE THE SAFETY OF ALL PERSONNEL AND PROVIDE ADEQUATE LIGHTING FOR ALL TRADES.
15. THE E.C. TO FIRE STOP ALL ELECTRICAL PENETRATIONS THROUGH FLOORS AND WALLS BY FILLING ALL VOIDS, GAPS AND OPENINGS USING APPROVED FIRE STOPPING MATERIALS.
16. ALL SWITCHES/DIMMER ARE TO BE MOUNTED 4'-2" A.F.F. TO CENTERLINE OF SWITCH/DIMMER, MULTIPLE SWITCHES AND/OR DIMMERS ARE TO BE GANGED AND PROVIDED WITH SINGLE GANG PLATE.
17. THE E.C. TO OBTAIN AND PAY FEE FOR ALL CERTIFICATES OF INSPECTION BY THE BOARD OF FIRE UNDERWRITER'S, AND ALL BOARDS OR AGENCIES HAVING JURISDICTION. SUBMIT COPIES OF THE CERTIFICATE OF INSPECTION TO THE OWNER PRIOR TO REQUEST FOR FINAL ACCEPTANCE AND PAYMENT.
18. ELECTRICAL CONTRACTOR TO PROVIDE A SEPARATE BID FOR SMART HOUSE SYSTEM TO INCLUDE THE FOLLOWING: LOW VOLTAGE LIGHTING, LUTRON LIGHTING/SWITCHES, AUTOMATED CLIMATE CONTROLS, TO BE REMOTELY CONTROLLED.
SECTION 12 : SPECIALTIES
1. NO WORK UNDER THIS SECTION.
SECTION 13 : EQUIPMENT
1. ALL KITCHEN APPLIANCES AND LAUNDRY EQUIPMENT TO BE SUPPLIED BY THE OWNER. THE CONTRACTOR IS TO INCLUDE COST OF INSTALLATION OF THIS EQUIPMENT AND COST OF ALL MECHANICAL AND/OR ELECTRICAL CONNECTIONS FOR A COMPLETE INSTALLATION.
SHOP DRAWINGS:

PROVIDE SHOP DRAWINGS FOR THE ARCHITECT'S REVIEW AND APPROVAL OF THE THE FOLLOWING ITEMS.

1. HVAC CENTRAL SYSTEM. PERFORMANCE SPEC AND LAYOUT PLANS.

2. PROVIDE SHOP DRAWINGS FOR EXTERIOR WINDOWS AND DOOR.

3. PROVIDE SHOP DRAWINGS FOR ENGINEERED FLOOR JOISTS AND LAMINATED WOOD BEAMS.

4. ROOF CONTRACTOR TO PROVIDE SHOP DRAWING FOR FLAT ROOF WATERPROOF MEMBRANE, RIGID INSULATION, AND INDICATE ALL PITCHES TO DRAIN...TYP.

5. PROVIDE STEEL SHOP DRAWINGS FOR ALL STRUCTURAL STEEL AND CONNECTIONS STEEL (AS REQUIRED).

NY. ENERGY CONSERVATION CODE

1. SEE RESCHECK FULL COMPLIANCE REPORT

2. G.C. TO PROVIDE A FULL COMPLIANCE RESCHECK REPORT TO ALL SUB-CONTRACTORS AND TRADES TO ASSURE COMPLIANCE WITH ENERGY CODE.

DESIGN LOAD ALLOWANCES - MINIMUM
A -	ROOF LOADS:
LIVE LOAD	30# P.S.F
DEAD LOAD	15# P.S.F
B -	ALL FLOORS
LIVE LOAD	40# P.S.F
DEAD LOAD	20# P.S.F
C -	OUTDOOR TERRACES AND PORCHES OVER FINISH SPACES:
LIVE LOAD	40# P.S.F
DEAD LOAD WOOD FRAMING	20# P.S.F
DEAD LOAD CONCREATE/MASONRY	100# P.S.F
D -	GROUND SNOW LOAD	20# P.S.F
E -	MINIMUM SOIL BEARING (SEDIMENTARY & FOLIATED ROCK) 4,000 P.S.F
SAFETY AND SHORING NOTES :

1. SAFE ACCESS OF ALL WORKERS, PEDESTRIANS AND OWNER SHALL BE MAINTAINED AT ALL TIMES BY GENERAL CONTRACTOR.

2. CONTRACTOR SHALL MAINTAIN SAFE MEANS OF ACCESS TO AND FROM ALL POINTS OF CONSTRUCTION SITE AND CONFORM TO OSHA STANDARDS AND ALL APPLICABLE CODES.

3. CONSTRUCTION SITE SAFETY SHALL BE THE CONCERN AND RESPONSIBILITY OF THE GENERAL CONTRACTOR AND HIS SUBCONTRACTORS.

4. CONTRACTOR SHALL PROVIDE ADEQUATE SHORING DURING CONSTRUCTION AS REQUIRED BY OSHA, ALL APPLICABLE CODES AND BEST PRACTICE.

RESCHECK ENERGY CODE NOTES :

1. FENESTRATION THAT IS NOT SITE BUILT IS LISTED AND LABELED AS MEETING AAMA/WDMA/CSA 101/I.S.2/A440 OR HAS INFILTRATION RATES PER NFRC 400 THAT DO NOT EXCEED CODE LIMITS.

2. IC-RATED RECESSED LIGHTING FIXTURES SEALED AT HOUSING/INTERIOR FINISH AND LABELED TO INDICATE 2.0 CFM LEAKAGE AT 75 PA.

3. INSTALL AUTOMATIC OR GRAVITY DAMPERS ON ALL OUTDOOR AIR INTAKES AND EXHAUSTS.

4. BUILDING ENVELOPE TIGHTNESS VERIFIED BY VISUAL INSPECTION. IN WHICH CASE VERIFICATION MAY BE MADE BY THIRD PARTY INSPECTOR.

5. U-FACTORS OF FENESTRATION PRODUCTS ARE DETERMINED IN ACCORDANCE WITH THE NFRC TEST PROCEDURE OR TAKEN FROM THE DEFAULT TABLE.

6. SLAB EDGE INSULATION INSTALLED PER MANUFACTURER'S INSTRUCTIONS.

7. ALL INSTALLED INSULATION IS LABELED OR THE INSTALLED R-VALUES PROVIDED

8. FLOOR INSULATION INSTALLED PER MANUFACTURER'S INSTRUCTIONS. AND IN SUBSTANTIAL CONTACT WITH THE UNDERSIDE OF THE SUBFLOOR.

9. WALL INSULATION IS INSTALLED PER MANUFACTURER'S INSTRUCTIONS.

10. CEILING INSULATION INSTALLED PER MANUFACTURER'S INSTRUCTIONS. BLOWN INSULATION MARKED EVERY 300 FT²

11. ATTIC ACCESS HATCH AND DOOR INSULATION R-VALUE OF THE ADJACENT ASSEMBLY.

12. CONSTRUCTION DRAWINGS AND DOCUMENTATION DEMONSTRATE ENERGY CODE COMPLIANCE FOR THE BUILDING ENVELOPE

13. COMPLIANCE CERTIFICATE POSTED

ARCHITECT IS NOT RETAINED FOR CONSTRUCTION SUPERVISION, CONSTRUCTION METHODS & MEANS, JOB SAFETY AND OR ADMINISTRATION
CLIMATIC AND GEOGRAPHICAL DESIGN CRITERIA											
GROUND SNOW LOAD	WIND SPEED	SEISMIC DESIGN CATEGORY	SUBJECT TO DAMAGE FROM				WINTER DESIGN TEMP	ICE SHIELD UNDERLAY-MENT REQ'D	FLOOD HAZARDS	AIR FREEZING INDEX	MEAN ANNUAL TEMP
			WEATHERING	FROST LINE DEPTH	TERMITE	DECAY					
20	115/120	D	SEVERE	42"	YES	SLIGHT TO MODERATE	15° F	YES	FIRM 09-26-07	1000	52.2° F
[NY] TABLE R402.1.2 INSULATION AND FENESTRATION REQUIREMENT BY COMPONENT										
CLIMATE ZONE 4	FENESTRATION U-FACTOR	SKYLIGHT U-FACTOR	GLAZED FENESTRATION SHGC	CEILING R-VALUE	WOOD FRAME WALL R-VALUE	MASS WALL R-VALUE	FLOOR R-VALUE	BASEMENT WALLS R-VALUE	SLAB R-VALUE & DEPTH	CRAWL SPACE WALLS R-VALUE
REQUIRED	0.32	0.55	0.40	R-49	R-20 OR 13+5	R-8/R-13	R-19	R-10/R-13	R-10, 2FT	R-10/R-13
PROVIDED	0.28	N/A	0.40	R-49	R-21	N/A	R-30	N/A	N/A	R-10
I JAN CADEK ATTEST THAT THE INSULATION AND ENERGY DESIGN OF THIS STRUCTURE MEET OR EXCEED THE STANDARDS OF THE NEW YORK STATE BUILDING CODE REQUIREMENTS FOR ONE AND TWO FAMILY DWELLINGS CHAPTER 4.
HCA HANS CADEK ARCHITECTURE
WWW.HANSCADEK.COM
63 SHELLEY AVE, PORT CHESTER, NEW YORK
HANS@HANSCADEK.COM, P-914 649 8473
ISSUE #3: - - -
ISSUE #2: - - -
ISSUE #1: 08/01/2023 - BLDG. PERMIT APPLICATION
PROJECT NAME AND LOCATION
NUNZIATO RESIDENCE
30 ARGYLE RD
RYE BROOK, NY 10573
SHEET NAME AND NUMBER
GENERAL NOTES
A002
DATE: 7/31/2023
THIS DRAWING & DESIGN LAYOUT IS THE PROPERTY OF JAN CADEK. THIS DRAWING & DESIGN LAYOUT MAY NOT BE REPRODUCED WITHOUT HIS EXPRESS WRITTEN CONSENT COPYRIGHT, JAN CADEK 2023 ©
REGISTERED ARCHITECT
STATE OF NEW YORK
JAN CADEK
041383
OneKey MLS
